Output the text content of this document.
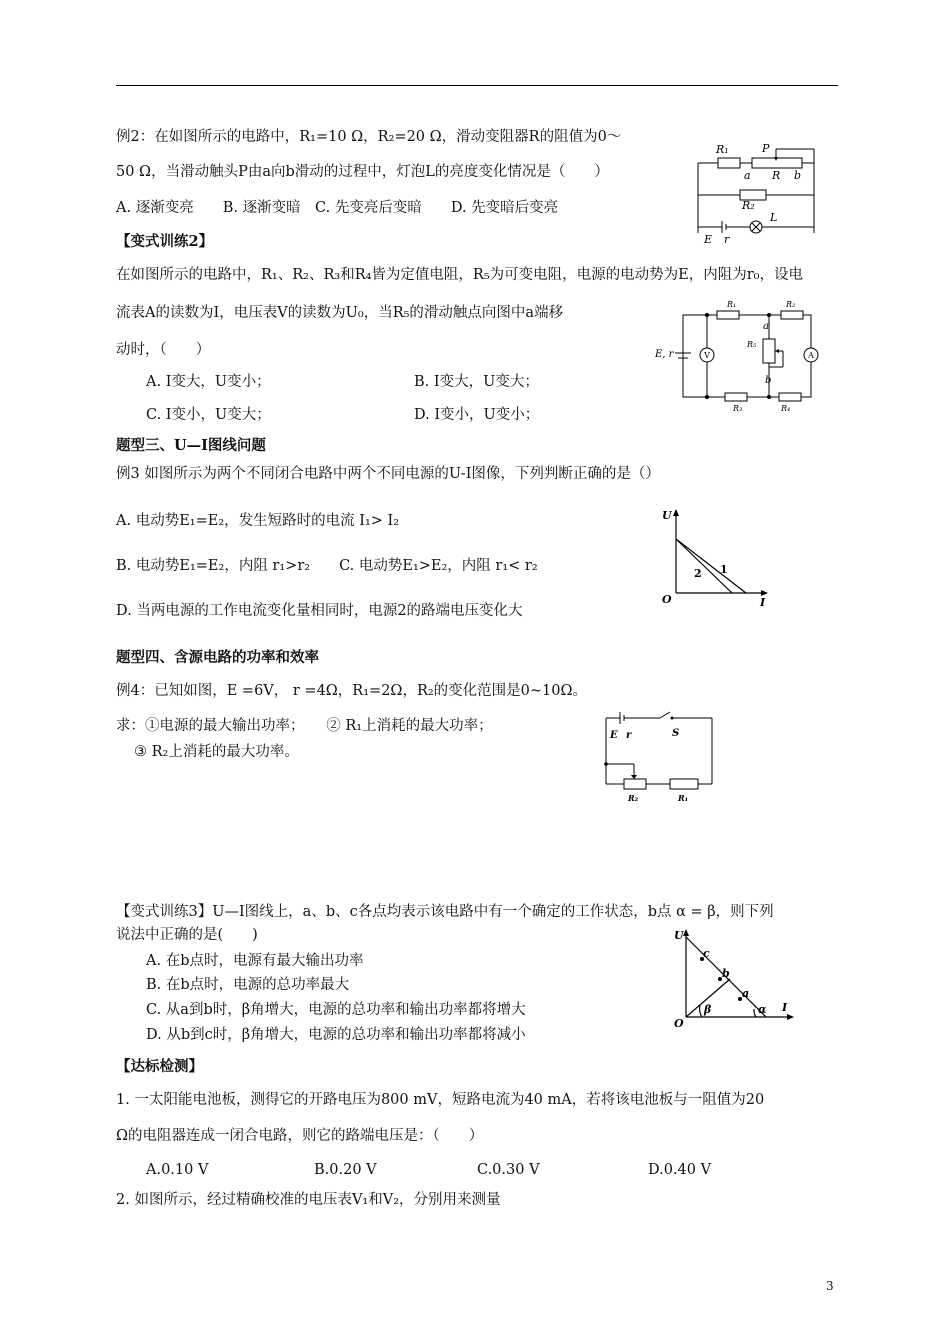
例2：在如图所示的电路中，R₁=10 Ω，R₂=20 Ω，滑动变阻器R的阻值为0～
50 Ω，当滑动触头P由a向b滑动的过程中，灯泡L的亮度变化情况是（　　）
A. 逐渐变亮　　B. 逐渐变暗　C. 先变亮后变暗　　D. 先变暗后变亮
R₁	P
a R b
R₂
L
E r
【变式训练2】
在如图所示的电路中，R₁、R₂、R₃和R₄皆为定值电阻，R₅为可变电阻，电源的电动势为E，内阻为r₀，设电
流表A的读数为I，电压表V的读数为U₀，当R₅的滑动触点向图中a端移
动时，（　　）
A. I变大，U变小；	B. I变大，U变大；
C. I变小，U变大；	D. I变小，U变小；
R₁	R₂
R₃	R₄
R₅
a
b
E, r	V	A
题型三、U—I图线问题
例3 如图所示为两个不同闭合电路中两个不同电源的U-I图像，下列判断正确的是（）
A. 电动势E₁=E₂，发生短路时的电流 I₁> I₂
B. 电动势E₁=E₂，内阻 r₁>r₂　　C. 电动势E₁>E₂，内阻 r₁< r₂
D. 当两电源的工作电流变化量相同时，电源2的路端电压变化大
U
I
O
1
2
题型四、含源电路的功率和效率
例4：已知如图，E =6V， r =4Ω，R₁=2Ω，R₂的变化范围是0~10Ω。
求：①电源的最大输出功率；　　② R₁上消耗的最大功率；
③ R₂上消耗的最大功率。
E r	S
R₂	R₁
【变式训练3】U—I图线上，a、b、c各点均表示该电路中有一个确定的工作状态，b点 α = β，则下列
说法中正确的是(　　)
A. 在b点时，电源有最大输出功率
B. 在b点时，电源的总功率最大
C. 从a到b时，β角增大，电源的总功率和输出功率都将增大
D. 从b到c时，β角增大，电源的总功率和输出功率都将减小
U
I
O
a
b
c
α
β
【达标检测】
1. 一太阳能电池板，测得它的开路电压为800 mV，短路电流为40 mA，若将该电池板与一阻值为20
Ω的电阻器连成一闭合电路，则它的路端电压是：（　　）
A.0.10 V	B.0.20 V	C.0.30 V	D.0.40 V
2. 如图所示，经过精确校准的电压表V₁和V₂，分别用来测量
3
